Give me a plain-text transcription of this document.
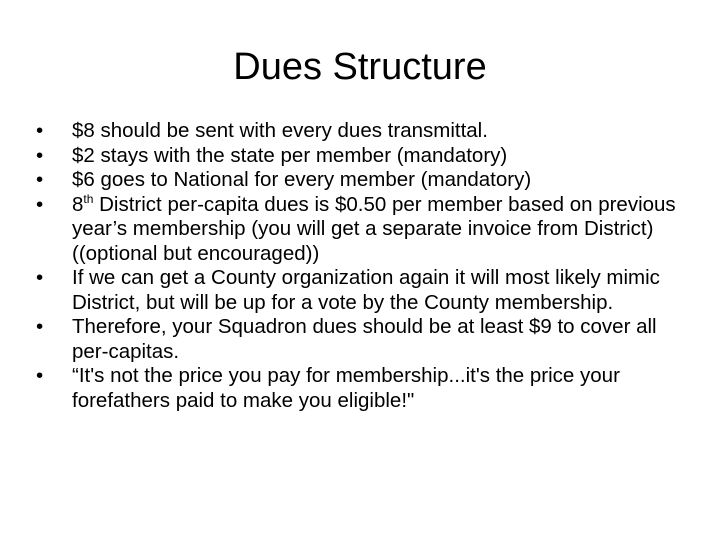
Dues Structure
• $8 should be sent with every dues transmittal.
• $2 stays with the state per member (mandatory)
• $6 goes to National for every member (mandatory)
• 8th District per-capita dues is $0.50 per member based on previous year’s membership (you will get a separate invoice from District) ((optional but encouraged))
• If we can get a County organization again it will most likely mimic District, but will be up for a vote by the County membership.
• Therefore, your Squadron dues should be at least $9 to cover all per-capitas.
• “It's not the price you pay for membership...it's the price your forefathers paid to make you eligible!"
